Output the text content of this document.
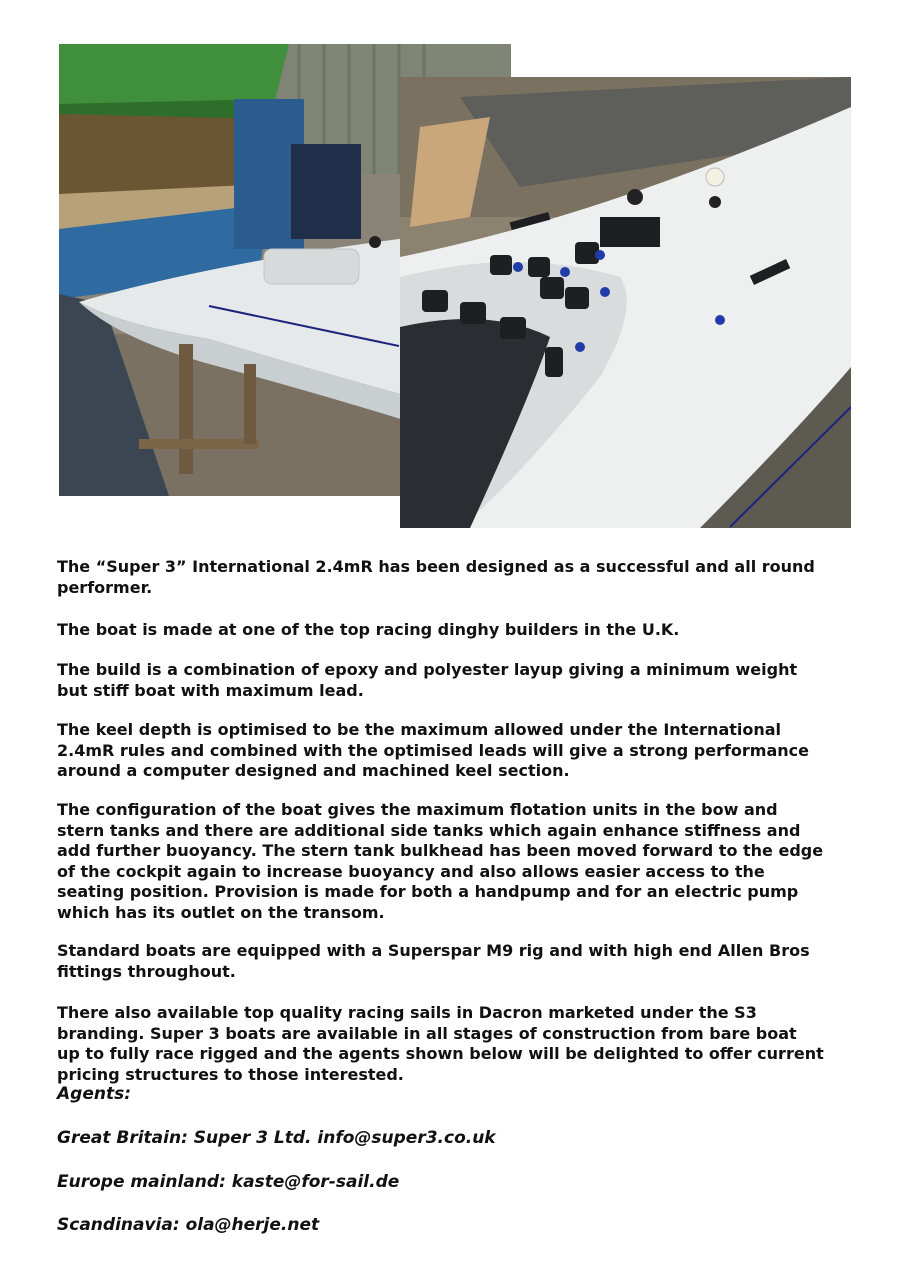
The “Super 3” International 2.4mR has been designed as a successful and all round
performer.

The boat is made at one of the top racing dinghy builders in the U.K.

The build is a combination of epoxy and polyester layup giving a minimum weight
but stiff boat with maximum lead.

The keel depth is optimised to be the maximum allowed under the International
2.4mR rules and combined with the optimised leads will give a strong performance
around a computer designed and machined keel section.

The configuration of the boat gives the maximum flotation units in the bow and
stern tanks and there are additional side tanks which again enhance stiffness and
add further buoyancy. The stern tank bulkhead has been moved forward to the edge
of the cockpit again to increase buoyancy and also allows easier access to the
seating position. Provision is made for both a handpump and for an electric pump
which has its outlet on the transom.

Standard boats are equipped with a Superspar M9 rig and with high end Allen Bros
fittings throughout.

There also available top quality racing sails in Dacron marketed under the S3
branding. Super 3 boats are available in all stages of construction from bare boat
up to fully race rigged and the agents shown below will be delighted to offer current
pricing structures to those interested.

Agents:
Great Britain: Super 3 Ltd. info@super3.co.uk
Europe mainland: kaste@for-sail.de
Scandinavia: ola@herje.net
